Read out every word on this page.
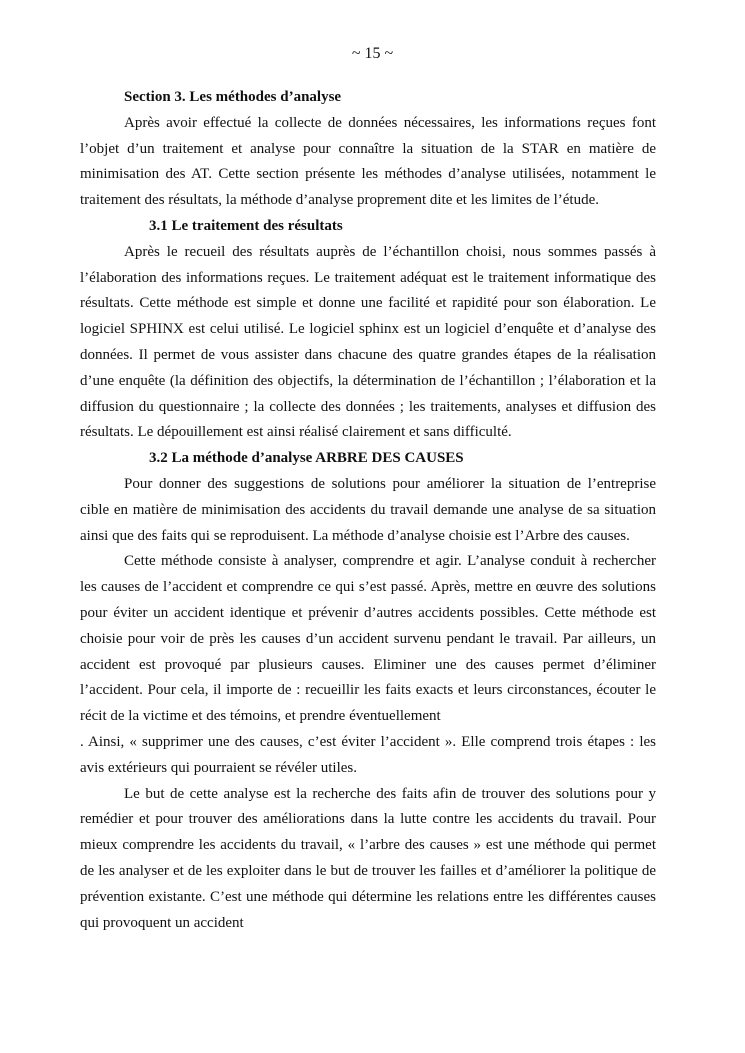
~ 15 ~

Section 3. Les méthodes d’analyse

Après avoir effectué la collecte de données nécessaires, les informations reçues font l’objet d’un traitement et analyse pour connaître la situation de la STAR en matière de minimisation des AT. Cette section présente les méthodes d’analyse utilisées, notamment le traitement des résultats, la méthode d’analyse proprement dite et les limites de l’étude.

3.1 Le traitement des résultats

Après le recueil des résultats auprès de l’échantillon choisi, nous sommes passés à l’élaboration des informations reçues. Le traitement adéquat est le traitement informatique des résultats. Cette méthode est simple et donne une facilité et rapidité pour son élaboration. Le logiciel SPHINX est celui utilisé. Le logiciel sphinx est un logiciel d’enquête et d’analyse des données. Il permet de vous assister dans chacune des quatre grandes étapes de la réalisation d’une enquête (la définition des objectifs, la détermination de l’échantillon ; l’élaboration et la diffusion du questionnaire ; la collecte des données ; les traitements, analyses et diffusion des résultats. Le dépouillement est ainsi réalisé clairement et sans difficulté.

3.2 La méthode d’analyse ARBRE DES CAUSES

Pour donner des suggestions de solutions pour améliorer la situation de l’entreprise cible en matière de minimisation des accidents du travail demande une analyse de sa situation ainsi que des faits qui se reproduisent. La méthode d’analyse choisie est l’Arbre des causes.

Cette méthode consiste à analyser, comprendre et agir. L’analyse conduit à rechercher les causes de l’accident et comprendre ce qui s’est passé. Après, mettre en œuvre des solutions pour éviter un accident identique et prévenir d’autres accidents possibles. Cette méthode est choisie pour voir de près les causes d’un accident survenu pendant le travail. Par ailleurs, un accident est provoqué par plusieurs causes. Eliminer une des causes permet d’éliminer l’accident. Pour cela, il importe de : recueillir les faits exacts et leurs circonstances, écouter le récit de la victime et des témoins, et prendre éventuellement

. Ainsi, « supprimer une des causes, c’est éviter l’accident ». Elle comprend trois étapes : les avis extérieurs qui pourraient se révéler utiles.

Le but de cette analyse est la recherche des faits afin de trouver des solutions pour y remédier et pour trouver des améliorations dans la lutte contre les accidents du travail. Pour mieux comprendre les accidents du travail, « l’arbre des causes » est une méthode qui permet de les analyser et de les exploiter dans le but de trouver les failles et d’améliorer la politique de prévention existante. C’est une méthode qui détermine les relations entre les différentes causes qui provoquent un accident
